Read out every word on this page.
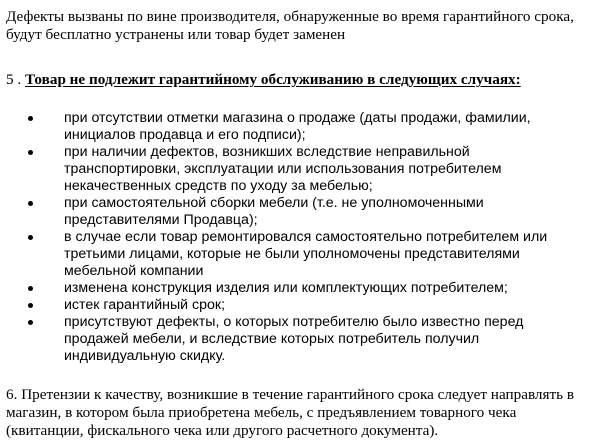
Дефекты вызваны по вине производителя, обнаруженные во время гарантийного срока,
будут бесплатно устранены или товар будет заменен
5 . Товар не подлежит гарантийному обслуживанию в следующих случаях:
при отсутствии отметки магазина о продаже (даты продажи, фамилии,
инициалов продавца и его подписи);
при наличии дефектов, возникших вследствие неправильной
транспортировки, эксплуатации или использования потребителем
некачественных средств по уходу за мебелью;
при самостоятельной сборки мебели (т.е. не уполномоченными
представителями Продавца);
в случае если товар ремонтировался самостоятельно потребителем или
третьими лицами, которые не были уполномочены представителями
мебельной компании
изменена конструкция изделия или комплектующих потребителем;
истек гарантийный срок;
присутствуют дефекты, о которых потребителю было известно перед
продажей мебели, и вследствие которых потребитель получил
индивидуальную скидку.
6. Претензии к качеству, возникшие в течение гарантийного срока следует направлять в
магазин, в котором была приобретена мебель, с предъявлением товарного чека
(квитанции, фискального чека или другого расчетного документа).
